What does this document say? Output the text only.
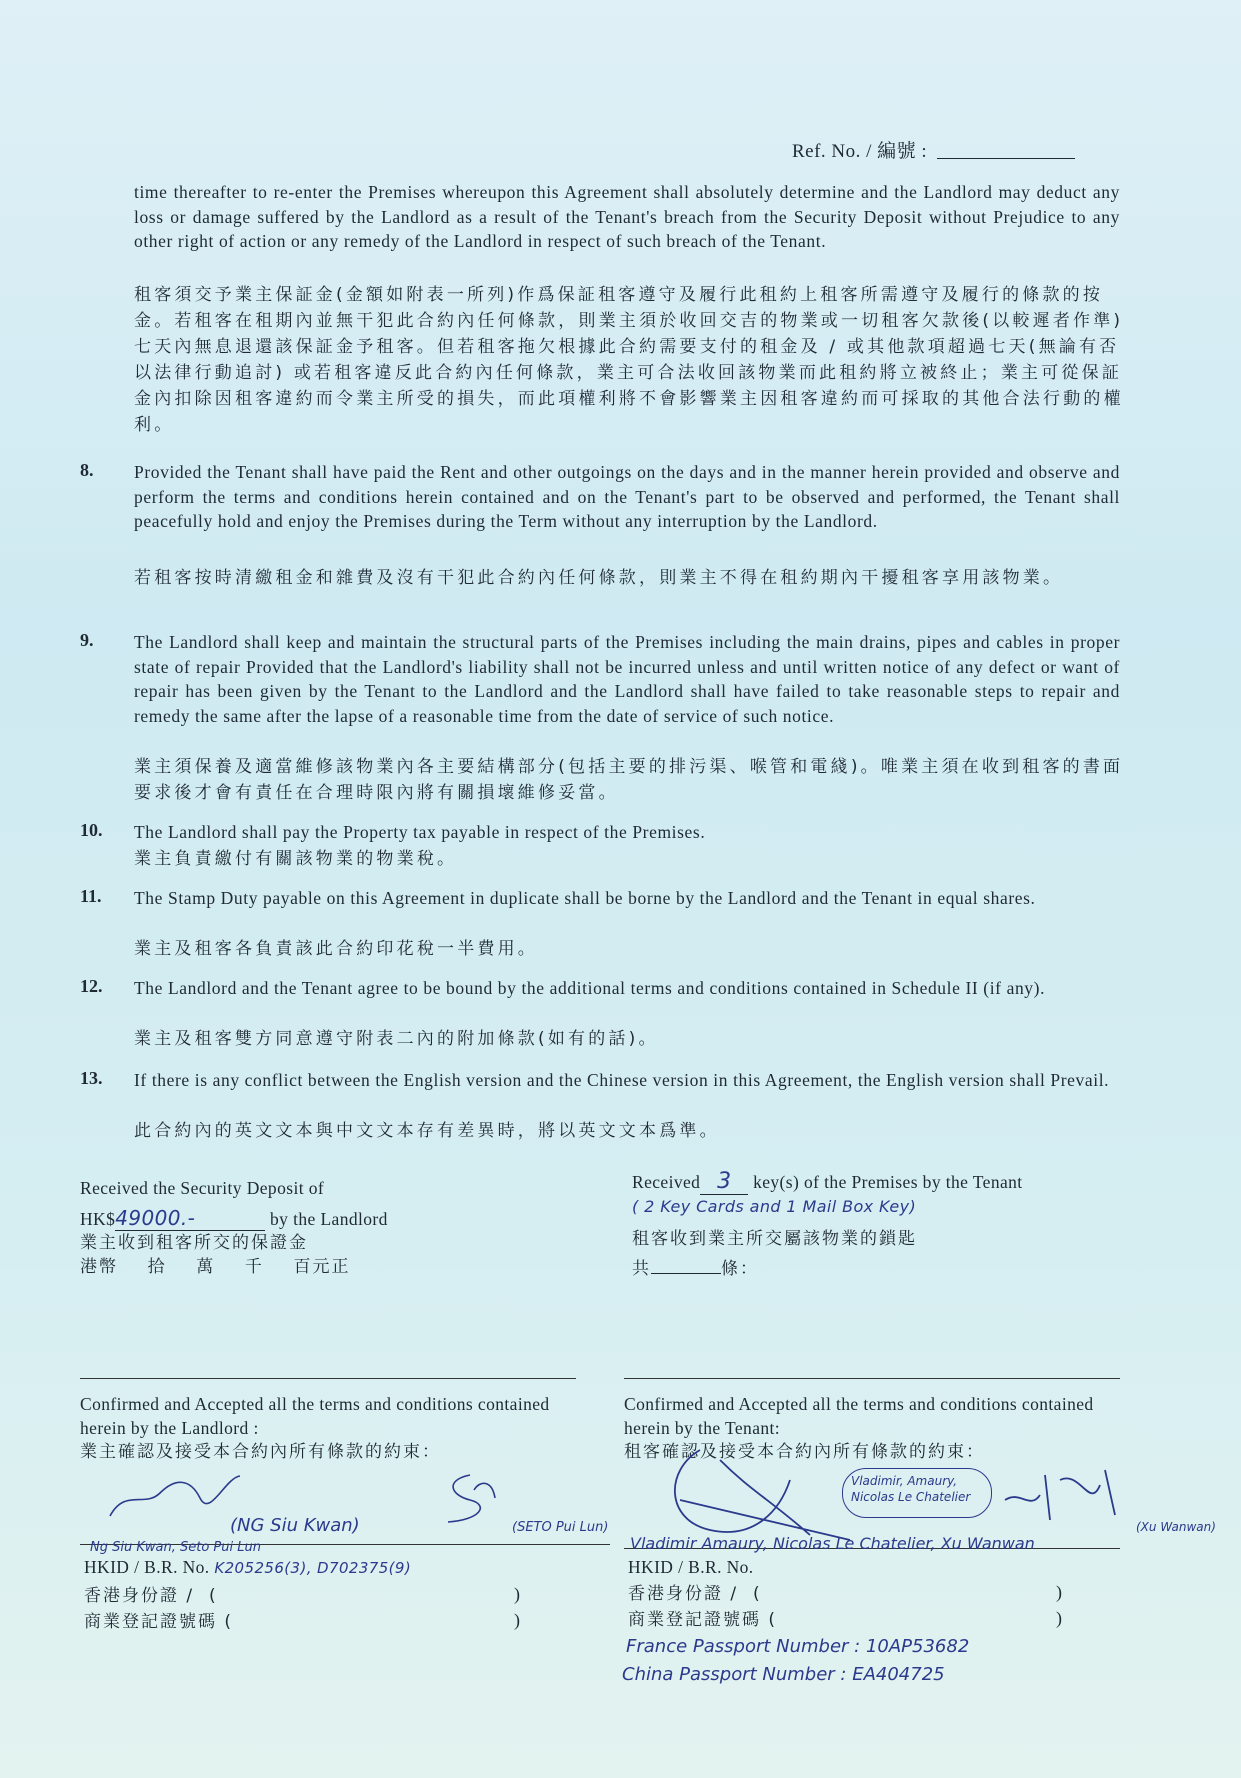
Ref. No. / 編號 :
time thereafter to re-enter the Premises whereupon this Agreement shall absolutely determine and the Landlord may deduct any loss or damage suffered by the Landlord as a result of the Tenant's breach from the Security Deposit without Prejudice to any other right of action or any remedy of the Landlord in respect of such breach of the Tenant.
租客須交予業主保証金(金額如附表一所列)作爲保証租客遵守及履行此租約上租客所需遵守及履行的條款的按金。若租客在租期內並無干犯此合約內任何條款，則業主須於收回交吉的物業或一切租客欠款後(以較遲者作準)七天內無息退還該保証金予租客。但若租客拖欠根據此合約需要支付的租金及 / 或其他款項超過七天(無論有否以法律行動追討) 或若租客違反此合約內任何條款，業主可合法收回該物業而此租約將立被終止；業主可從保証金內扣除因租客違約而令業主所受的損失，而此項權利將不會影響業主因租客違約而可採取的其他合法行動的權利。
8. Provided the Tenant shall have paid the Rent and other outgoings on the days and in the manner herein provided and observe and perform the terms and conditions herein contained and on the Tenant's part to be observed and performed, the Tenant shall peacefully hold and enjoy the Premises during the Term without any interruption by the Landlord.
若租客按時清繳租金和雜費及沒有干犯此合約內任何條款，則業主不得在租約期內干擾租客享用該物業。
9. The Landlord shall keep and maintain the structural parts of the Premises including the main drains, pipes and cables in proper state of repair Provided that the Landlord's liability shall not be incurred unless and until written notice of any defect or want of repair has been given by the Tenant to the Landlord and the Landlord shall have failed to take reasonable steps to repair and remedy the same after the lapse of a reasonable time from the date of service of such notice.
業主須保養及適當維修該物業內各主要結構部分(包括主要的排污渠、喉管和電綫)。唯業主須在收到租客的書面要求後才會有責任在合理時限內將有關損壞維修妥當。
10. The Landlord shall pay the Property tax payable in respect of the Premises.
業主負責繳付有關該物業的物業稅。
11. The Stamp Duty payable on this Agreement in duplicate shall be borne by the Landlord and the Tenant in equal shares.
業主及租客各負責該此合約印花稅一半費用。
12. The Landlord and the Tenant agree to be bound by the additional terms and conditions contained in Schedule II (if any).
業主及租客雙方同意遵守附表二內的附加條款(如有的話)。
13. If there is any conflict between the English version and the Chinese version in this Agreement, the English version shall Prevail.
此合約內的英文文本與中文文本存有差異時，將以英文文本爲準。
Received the Security Deposit of
HK$49000.-	by the Landlord
業主收到租客所交的保證金
港幣    拾    萬    千    百元正
Received 3 key(s) of the Premises by the Tenant
( 2 Key Cards and 1 Mail Box Key)
租客收到業主所交屬該物業的鎖匙
共	條：
Confirmed and Accepted all the terms and conditions contained herein by the Landlord :
業主確認及接受本合約內所有條款的約束：
(NG Siu Kwan)	(SETO Pui Lun)
Ng Siu Kwan, Seto Pui Lun
HKID / B.R. No. K205256(3), D702375(9)
香港身份證 /  (	)
商業登記證號碼 (	)
Confirmed and Accepted all the terms and conditions contained herein by the Tenant:
租客確認及接受本合約內所有條款的約束：
Vladimir, Amaury, Nicolas Le Chatelier
(Xu Wanwan)
Vladimir Amaury, Nicolas Le Chatelier, Xu Wanwan
HKID / B.R. No.
香港身份證 /  (	)
商業登記證號碼 (	)
France Passport Number : 10AP53682
China Passport Number : EA404725
